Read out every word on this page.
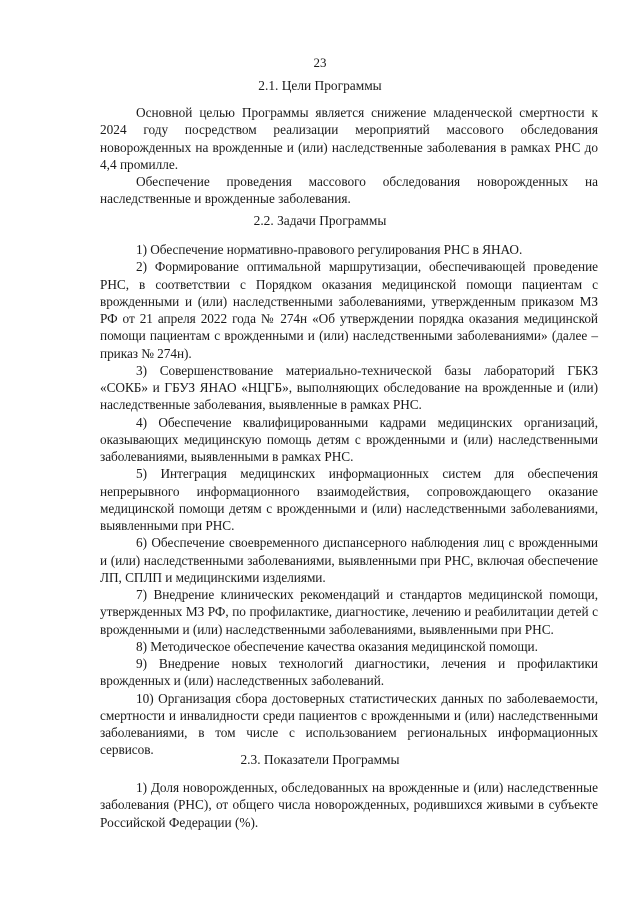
23
2.1. Цели Программы

Основной целью Программы является снижение младенческой смертности к 2024 году посредством реализации мероприятий массового обследования новорожденных на врожденные и (или) наследственные заболевания в рамках РНС до 4,4 промилле.

Обеспечение проведения массового обследования новорожденных на наследственные и врожденные заболевания.

2.2. Задачи Программы

1) Обеспечение нормативно-правового регулирования РНС в ЯНАО.

2) Формирование оптимальной маршрутизации, обеспечивающей проведение РНС, в соответствии с Порядком оказания медицинской помощи пациентам с врожденными и (или) наследственными заболеваниями, утвержденным приказом МЗ РФ от 21 апреля 2022 года № 274н «Об утверждении порядка оказания медицинской помощи пациентам с врожденными и (или) наследственными заболеваниями» (далее – приказ № 274н).

3) Совершенствование материально-технической базы лабораторий ГБКЗ «СОКБ» и ГБУЗ ЯНАО «НЦГБ», выполняющих обследование на врожденные и (или) наследственные заболевания, выявленные в рамках РНС.

4) Обеспечение квалифицированными кадрами медицинских организаций, оказывающих медицинскую помощь детям с врожденными и (или) наследственными заболеваниями, выявленными в рамках РНС.

5) Интеграция медицинских информационных систем для обеспечения непрерывного информационного взаимодействия, сопровождающего оказание медицинской помощи детям с врожденными и (или) наследственными заболеваниями, выявленными при РНС.

6) Обеспечение своевременного диспансерного наблюдения лиц с врожденными и (или) наследственными заболеваниями, выявленными при РНС, включая обеспечение ЛП, СПЛП и медицинскими изделиями.

7) Внедрение клинических рекомендаций и стандартов медицинской помощи, утвержденных МЗ РФ, по профилактике, диагностике, лечению и реабилитации детей с врожденными и (или) наследственными заболеваниями, выявленными при РНС.

8) Методическое обеспечение качества оказания медицинской помощи.

9) Внедрение новых технологий диагностики, лечения и профилактики врожденных и (или) наследственных заболеваний.

10) Организация сбора достоверных статистических данных по заболеваемости, смертности и инвалидности среди пациентов с врожденными и (или) наследственными заболеваниями, в том числе с использованием региональных информационных сервисов.

2.3. Показатели Программы

1) Доля новорожденных, обследованных на врожденные и (или) наследственные заболевания (РНС), от общего числа новорожденных, родившихся живыми в субъекте Российской Федерации (%).
